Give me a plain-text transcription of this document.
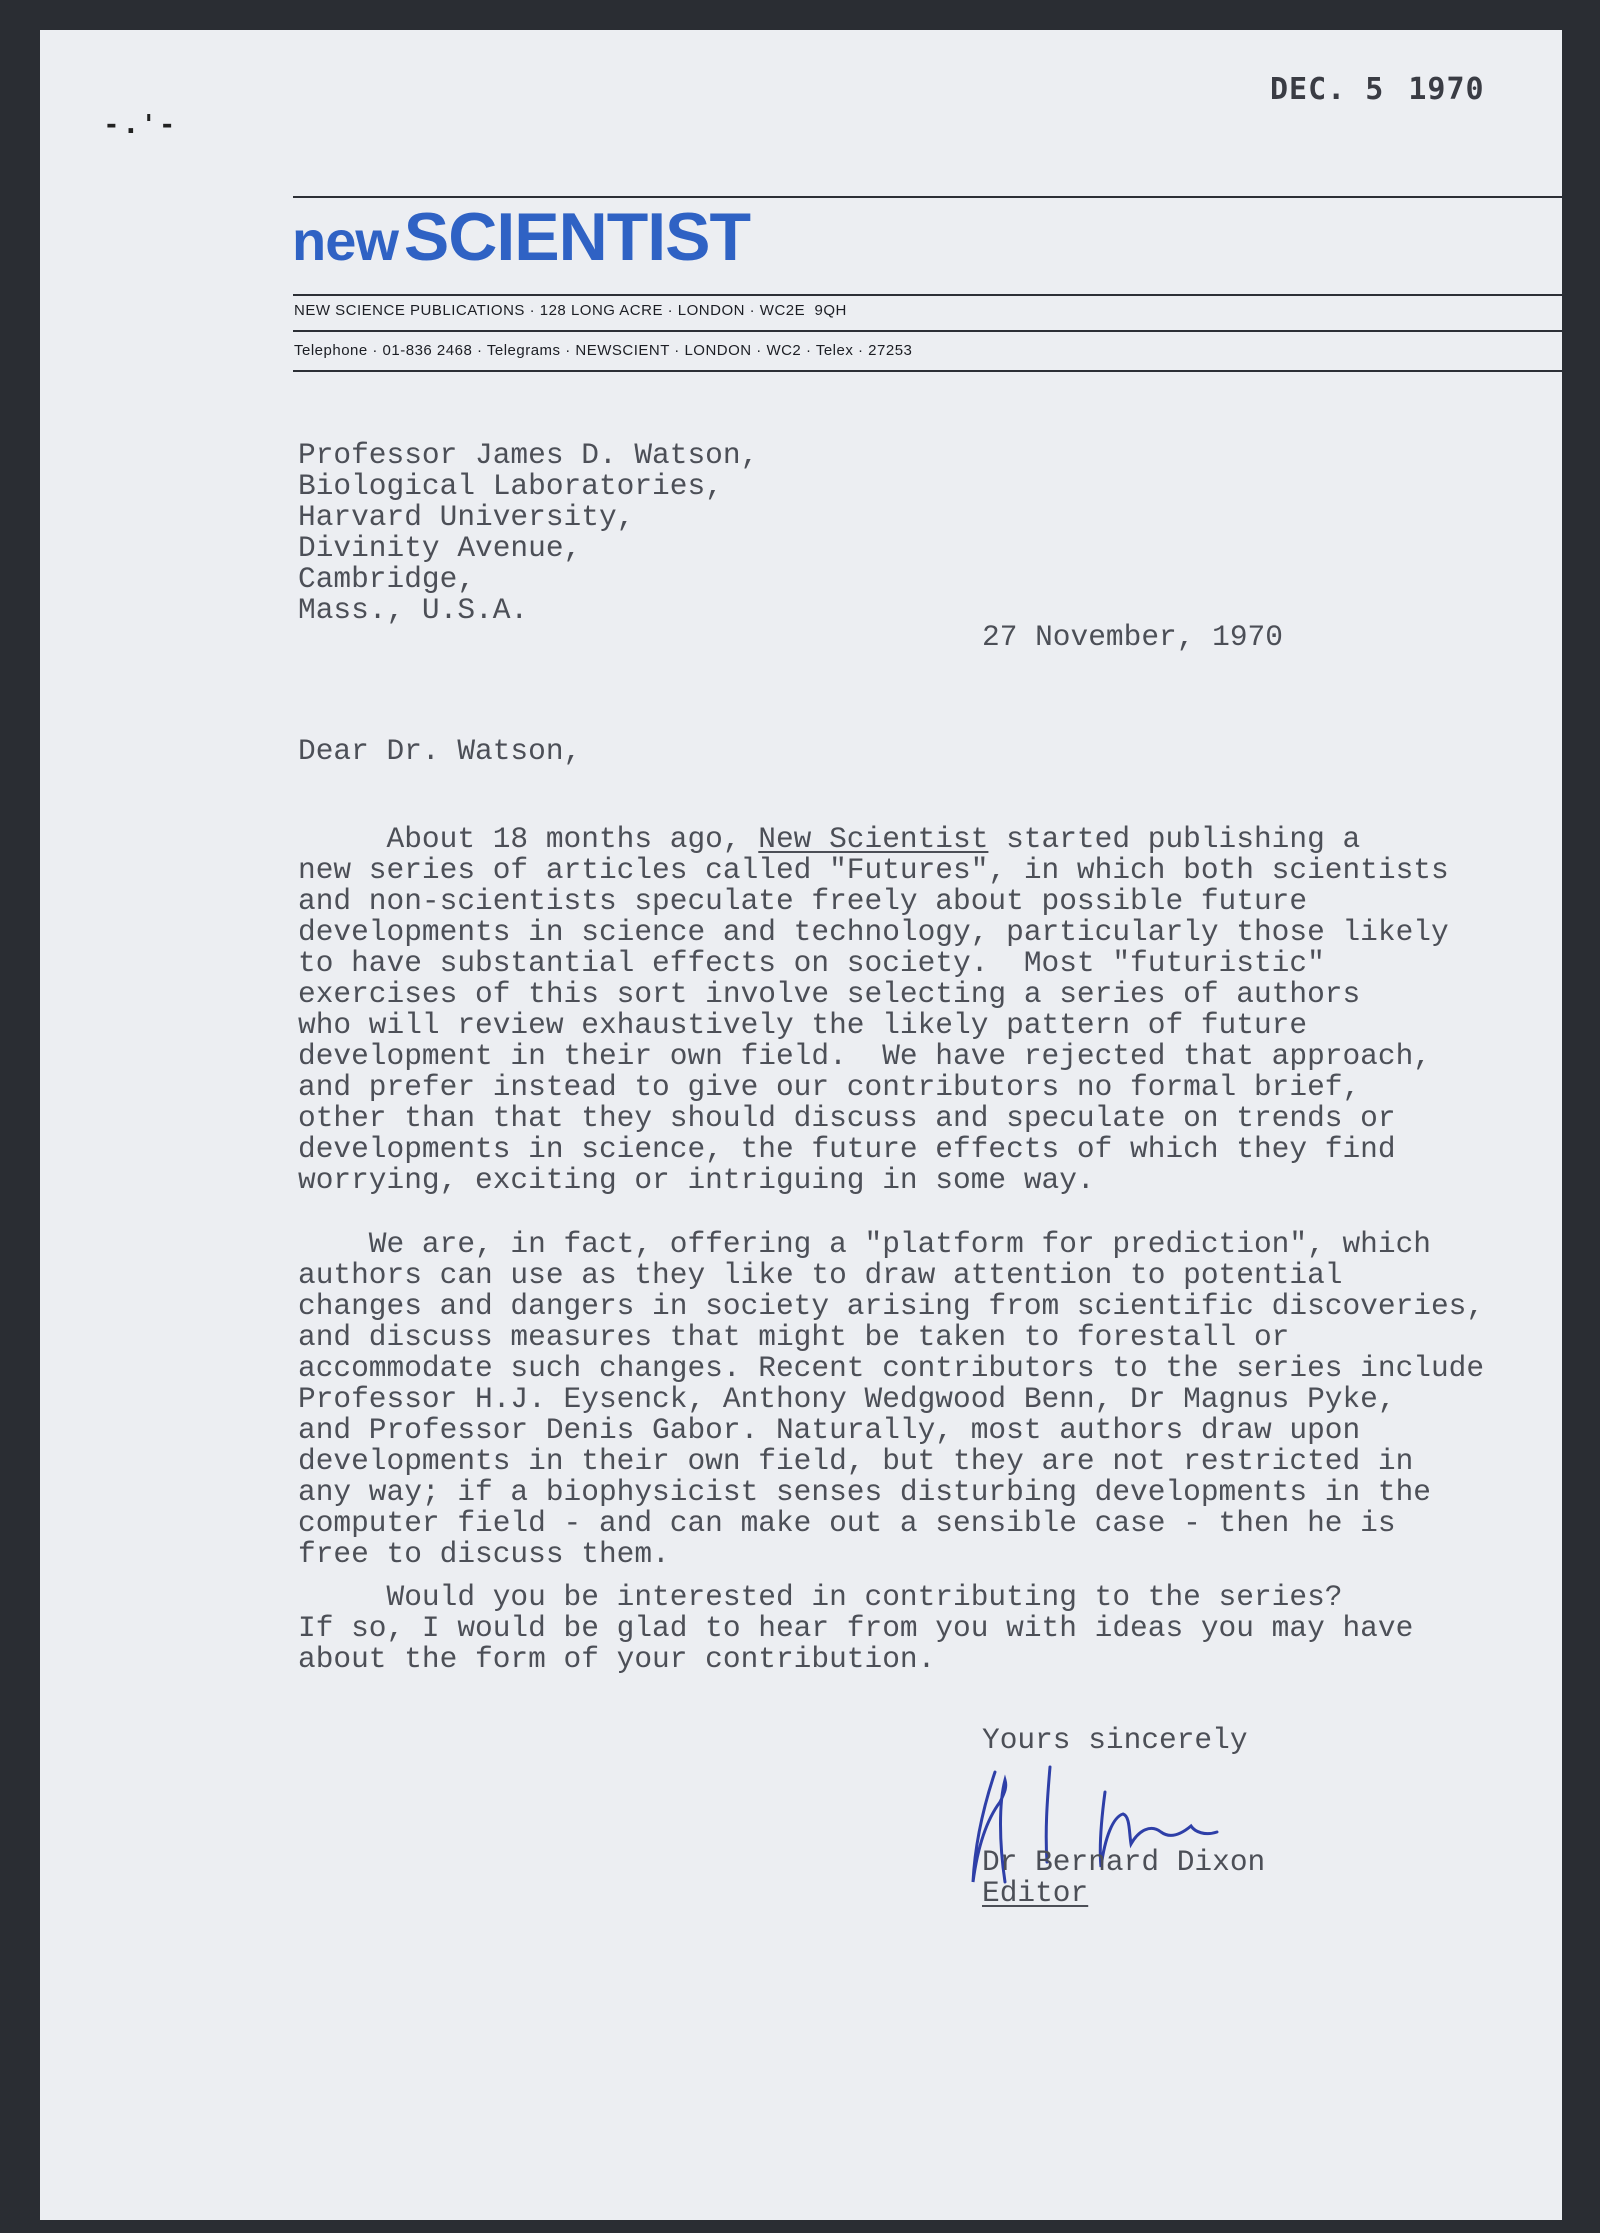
- . ' -
DEC. 5 1970
newSCIENTIST
NEW SCIENCE PUBLICATIONS · 128 LONG ACRE · LONDON · WC2E  9QH
Telephone · 01-836 2468 · Telegrams · NEWSCIENT · LONDON · WC2 · Telex · 27253
Professor James D. Watson,
Biological Laboratories,
Harvard University,
Divinity Avenue,
Cambridge,
Mass., U.S.A.
27 November, 1970
Dear Dr. Watson,
About 18 months ago, New Scientist started publishing a
new series of articles called "Futures", in which both scientists
and non-scientists speculate freely about possible future
developments in science and technology, particularly those likely
to have substantial effects on society.  Most "futuristic"
exercises of this sort involve selecting a series of authors
who will review exhaustively the likely pattern of future
development in their own field.  We have rejected that approach,
and prefer instead to give our contributors no formal brief,
other than that they should discuss and speculate on trends or
developments in science, the future effects of which they find
worrying, exciting or intriguing in some way.
We are, in fact, offering a "platform for prediction", which
authors can use as they like to draw attention to potential
changes and dangers in society arising from scientific discoveries,
and discuss measures that might be taken to forestall or
accommodate such changes. Recent contributors to the series include
Professor H.J. Eysenck, Anthony Wedgwood Benn, Dr Magnus Pyke,
and Professor Denis Gabor. Naturally, most authors draw upon
developments in their own field, but they are not restricted in
any way; if a biophysicist senses disturbing developments in the
computer field - and can make out a sensible case - then he is
free to discuss them.
Would you be interested in contributing to the series?
If so, I would be glad to hear from you with ideas you may have
about the form of your contribution.
Yours sincerely
Dr Bernard Dixon
Editor
